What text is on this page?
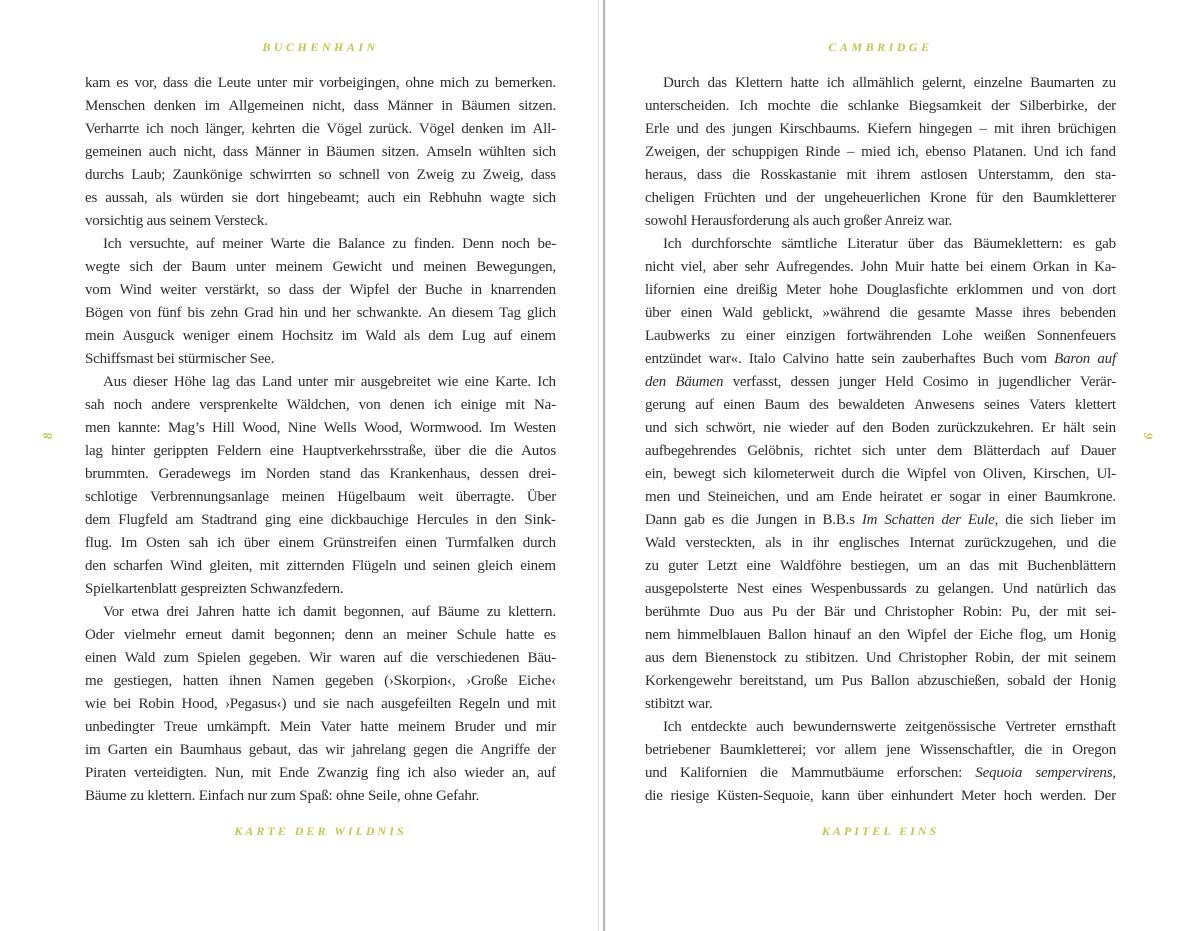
BUCHENHAIN
kam es vor, dass die Leute unter mir vorbeigingen, ohne mich zu bemerken.
Menschen denken im Allgemeinen nicht, dass Männer in Bäumen sitzen.
Verharrte ich noch länger, kehrten die Vögel zurück. Vögel denken im All-
gemeinen auch nicht, dass Männer in Bäumen sitzen. Amseln wühlten sich
durchs Laub; Zaunkönige schwirrten so schnell von Zweig zu Zweig, dass
es aussah, als würden sie dort hingebeamt; auch ein Rebhuhn wagte sich
vorsichtig aus seinem Versteck.
Ich versuchte, auf meiner Warte die Balance zu finden. Denn noch be-
wegte sich der Baum unter meinem Gewicht und meinen Bewegungen,
vom Wind weiter verstärkt, so dass der Wipfel der Buche in knarrenden
Bögen von fünf bis zehn Grad hin und her schwankte. An diesem Tag glich
mein Ausguck weniger einem Hochsitz im Wald als dem Lug auf einem
Schiffsmast bei stürmischer See.
Aus dieser Höhe lag das Land unter mir ausgebreitet wie eine Karte. Ich
sah noch andere versprenkelte Wäldchen, von denen ich einige mit Na-
men kannte: Mag’s Hill Wood, Nine Wells Wood, Wormwood. Im Westen
lag hinter gerippten Feldern eine Hauptverkehrsstraße, über die die Autos
brummten. Geradewegs im Norden stand das Krankenhaus, dessen drei-
schlotige Verbrennungsanlage meinen Hügelbaum weit überragte. Über
dem Flugfeld am Stadtrand ging eine dickbauchige Hercules in den Sink-
flug. Im Osten sah ich über einem Grünstreifen einen Turmfalken durch
den scharfen Wind gleiten, mit zitternden Flügeln und seinen gleich einem
Spielkartenblatt gespreizten Schwanzfedern.
Vor etwa drei Jahren hatte ich damit begonnen, auf Bäume zu klettern.
Oder vielmehr erneut damit begonnen; denn an meiner Schule hatte es
einen Wald zum Spielen gegeben. Wir waren auf die verschiedenen Bäu-
me gestiegen, hatten ihnen Namen gegeben (›Skorpion‹, ›Große Eiche‹
wie bei Robin Hood, ›Pegasus‹) und sie nach ausgefeilten Regeln und mit
unbedingter Treue umkämpft. Mein Vater hatte meinem Bruder und mir
im Garten ein Baumhaus gebaut, das wir jahrelang gegen die Angriffe der
Piraten verteidigten. Nun, mit Ende Zwanzig fing ich also wieder an, auf
Bäume zu klettern. Einfach nur zum Spaß: ohne Seile, ohne Gefahr.
8
KARTE DER WILDNIS
CAMBRIDGE
Durch das Klettern hatte ich allmählich gelernt, einzelne Baumarten zu
unterscheiden. Ich mochte die schlanke Biegsamkeit der Silberbirke, der
Erle und des jungen Kirschbaums. Kiefern hingegen – mit ihren brüchigen
Zweigen, der schuppigen Rinde – mied ich, ebenso Platanen. Und ich fand
heraus, dass die Rosskastanie mit ihrem astlosen Unterstamm, den sta-
cheligen Früchten und der ungeheuerlichen Krone für den Baumkletterer
sowohl Herausforderung als auch großer Anreiz war.
Ich durchforschte sämtliche Literatur über das Bäumeklettern: es gab
nicht viel, aber sehr Aufregendes. John Muir hatte bei einem Orkan in Ka-
lifornien eine dreißig Meter hohe Douglasfichte erklommen und von dort
über einen Wald geblickt, »während die gesamte Masse ihres bebenden
Laubwerks zu einer einzigen fortwährenden Lohe weißen Sonnenfeuers
entzündet war«. Italo Calvino hatte sein zauberhaftes Buch vom Baron auf
den Bäumen verfasst, dessen junger Held Cosimo in jugendlicher Verär-
gerung auf einen Baum des bewaldeten Anwesens seines Vaters klettert
und sich schwört, nie wieder auf den Boden zurückzukehren. Er hält sein
aufbegehrendes Gelöbnis, richtet sich unter dem Blätterdach auf Dauer
ein, bewegt sich kilometerweit durch die Wipfel von Oliven, Kirschen, Ul-
men und Steineichen, und am Ende heiratet er sogar in einer Baumkrone.
Dann gab es die Jungen in B.B.s Im Schatten der Eule, die sich lieber im
Wald versteckten, als in ihr englisches Internat zurückzugehen, und die
zu guter Letzt eine Waldföhre bestiegen, um an das mit Buchenblättern
ausgepolsterte Nest eines Wespenbussards zu gelangen. Und natürlich das
berühmte Duo aus Pu der Bär und Christopher Robin: Pu, der mit sei-
nem himmelblauen Ballon hinauf an den Wipfel der Eiche flog, um Honig
aus dem Bienenstock zu stibitzen. Und Christopher Robin, der mit seinem
Korkengewehr bereitstand, um Pus Ballon abzuschießen, sobald der Honig
stibitzt war.
Ich entdeckte auch bewundernswerte zeitgenössische Vertreter ernsthaft
betriebener Baumkletterei; vor allem jene Wissenschaftler, die in Oregon
und Kalifornien die Mammutbäume erforschen: Sequoia sempervirens,
die riesige Küsten-Sequoie, kann über einhundert Meter hoch werden. Der
9
KAPITEL EINS
